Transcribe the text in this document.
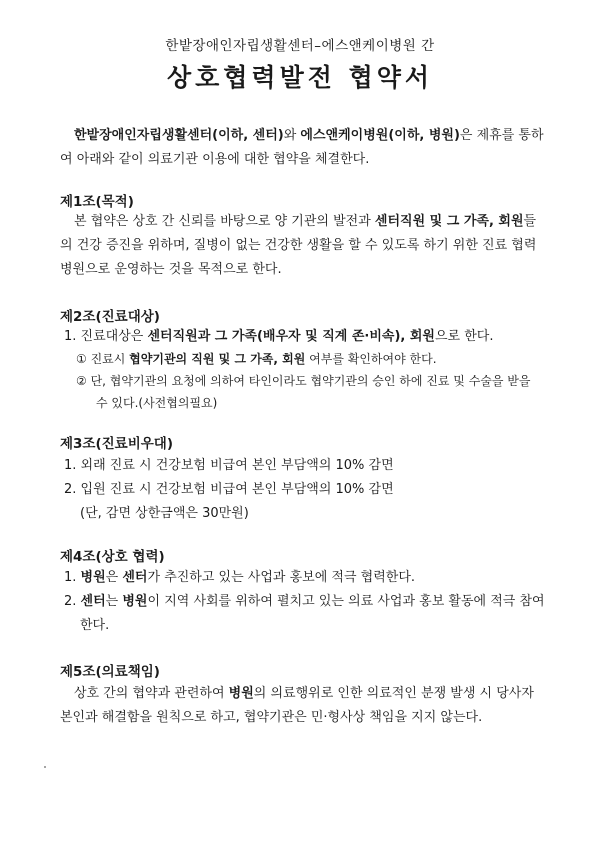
한밭장애인자립생활센터–에스앤케이병원 간
상호협력발전 협약서

한밭장애인자립생활센터(이하, 센터)와 에스앤케이병원(이하, 병원)은 제휴를 통하여 아래와 같이 의료기관 이용에 대한 협약을 체결한다.

제1조(목적)

본 협약은 상호 간 신뢰를 바탕으로 양 기관의 발전과 센터직원 및 그 가족, 회원들의 건강 증진을 위하며, 질병이 없는 건강한 생활을 할 수 있도록 하기 위한 진료 협력 병원으로 운영하는 것을 목적으로 한다.

제2조(진료대상)

1. 진료대상은 센터직원과 그 가족(배우자 및 직계 존·비속), 회원으로 한다.

① 진료시 협약기관의 직원 및 그 가족, 회원 여부를 확인하여야 한다.

② 단, 협약기관의 요청에 의하여 타인이라도 협약기관의 승인 하에 진료 및 수술을 받을 수 있다.(사전협의필요)

제3조(진료비우대)

1. 외래 진료 시 건강보험 비급여 본인 부담액의 10% 감면

2. 입원 진료 시 건강보험 비급여 본인 부담액의 10% 감면

(단, 감면 상한금액은 30만원)

제4조(상호 협력)

1. 병원은 센터가 추진하고 있는 사업과 홍보에 적극 협력한다.

2. 센터는 병원이 지역 사회를 위하여 펼치고 있는 의료 사업과 홍보 활동에 적극 참여한다.

제5조(의료책임)

상호 간의 협약과 관련하여 병원의 의료행위로 인한 의료적인 분쟁 발생 시 당사자 본인과 해결함을 원칙으로 하고, 협약기관은 민·형사상 책임을 지지 않는다.
